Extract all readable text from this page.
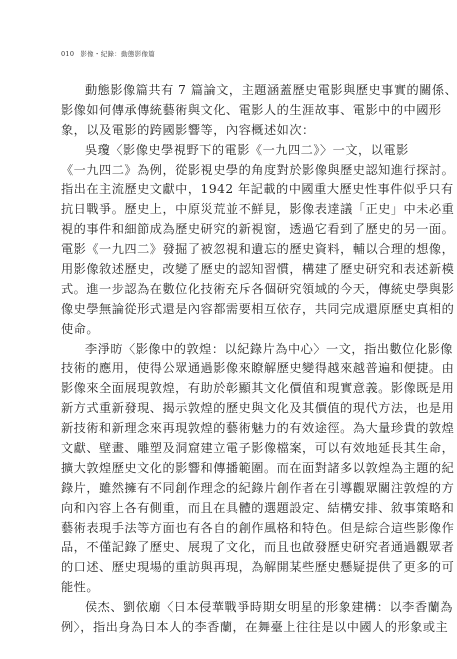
010 影像・紀錄：動態影像篇
動態影像篇共有 7 篇論文，主題涵蓋歷史電影與歷史事實的關係、
影像如何傳承傳統藝術與文化、電影人的生涯故事、電影中的中國形
象，以及電影的跨國影響等，內容概述如次：
吳瓊〈影像史學視野下的電影《一九四二》〉一文，以電影
《一九四二》為例，從影視史學的角度對於影像與歷史認知進行探討。
指出在主流歷史文獻中，1942 年記載的中國重大歷史性事件似乎只有
抗日戰爭。歷史上，中原災荒並不鮮見，影像表達議「正史」中未必重
視的事件和細節成為歷史研究的新視窗，透過它看到了歷史的另一面。
電影《一九四二》發掘了被忽視和遺忘的歷史資料，輔以合理的想像，
用影像敘述歷史，改變了歷史的認知習慣，構建了歷史研究和表述新模
式。進一步認為在數位化技術充斥各個研究領域的今天，傳統史學與影
像史學無論從形式還是內容都需要相互依存，共同完成還原歷史真相的
使命。
李淨昉〈影像中的敦煌：以紀錄片為中心〉一文，指出數位化影像
技術的應用，使得公眾通過影像來瞭解歷史變得越來越普遍和便捷。由
影像來全面展現敦煌，有助於彰顯其文化價值和現實意義。影像既是用
新方式重新發現、揭示敦煌的歷史與文化及其價值的現代方法，也是用
新技術和新理念來再現敦煌的藝術魅力的有效途徑。為大量珍貴的敦煌
文獻、壁畫、雕塑及洞窟建立電子影像檔案，可以有效地延長其生命，
擴大敦煌歷史文化的影響和傳播範圍。而在面對諸多以敦煌為主題的紀
錄片，雖然擁有不同創作理念的紀錄片創作者在引導觀眾關注敦煌的方
向和內容上各有側重，而且在具體的選題設定、結構安排、敘事策略和
藝術表現手法等方面也有各自的創作風格和特色。但是綜合這些影像作
品，不僅記錄了歷史、展現了文化，而且也啟發歷史研究者通過觀眾者
的口述、歷史現場的重訪與再現，為解開某些歷史懸疑提供了更多的可
能性。
侯杰、劉依廟〈日本侵華戰爭時期女明星的形象建構：以李香蘭為
例〉，指出身為日本人的李香蘭，在舞臺上往往是以中國人的形象或主
